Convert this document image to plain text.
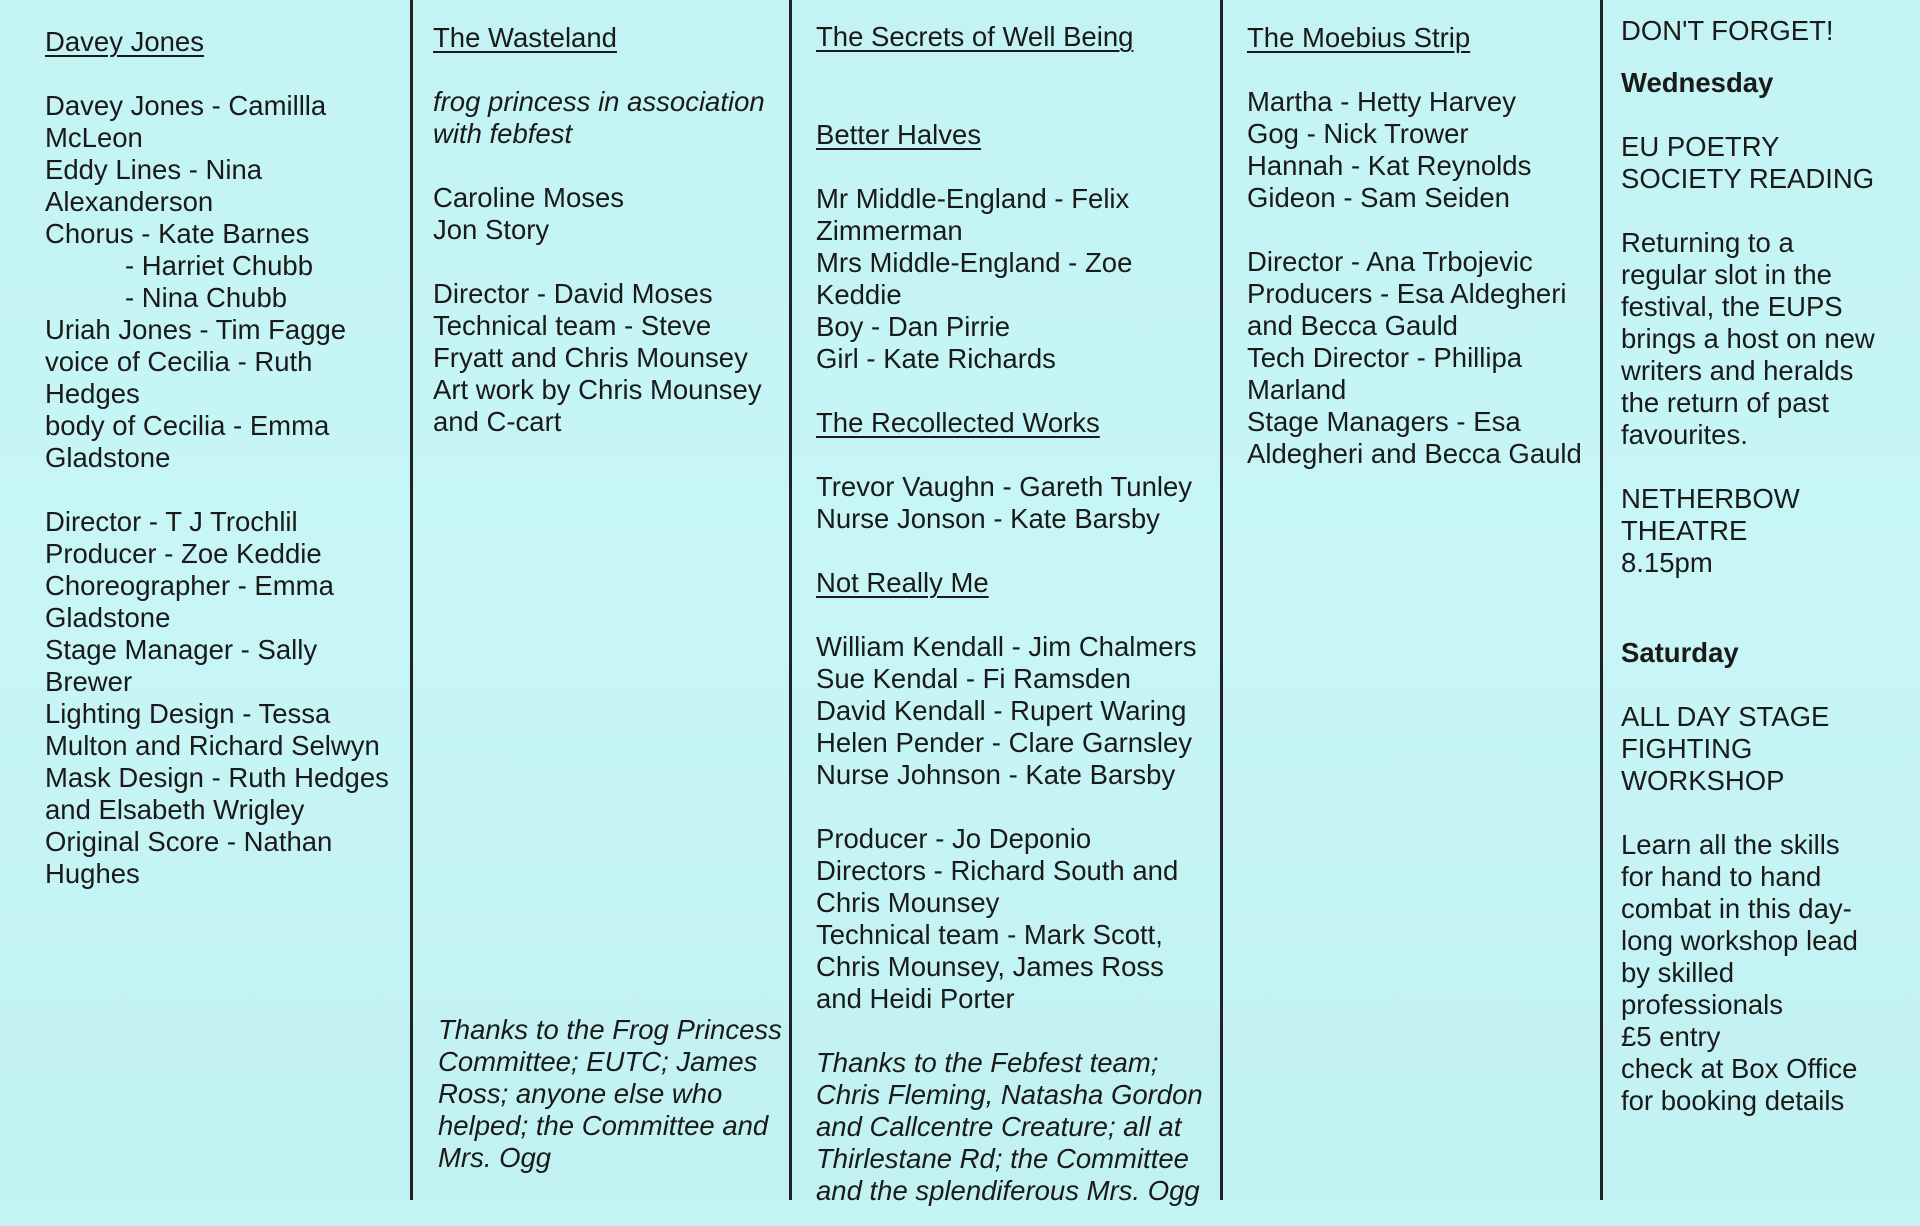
Davey Jones

Davey Jones - Camillla McLeon

Eddy Lines - Nina Alexanderson

Chorus - Kate Barnes

- Harriet Chubb

- Nina Chubb

Uriah Jones - Tim Fagge

voice of Cecilia - Ruth Hedges

body of Cecilia - Emma Gladstone

Director - T J Trochlil

Producer - Zoe Keddie

Choreographer - Emma Gladstone

Stage Manager - Sally Brewer

Lighting Design - Tessa Multon and Richard Selwyn

Mask Design - Ruth Hedges and Elsabeth Wrigley

Original Score - Nathan Hughes

The Wasteland

frog princess in association with febfest

Caroline Moses

Jon Story

Director - David Moses

Technical team - Steve Fryatt and Chris Mounsey

Art work by Chris Mounsey and C-cart

Thanks to the Frog Princess Committee; EUTC; James Ross; anyone else who helped; the Committee and Mrs. Ogg

The Secrets of Well Being

Better Halves

Mr Middle-England - Felix Zimmerman

Mrs Middle-England - Zoe Keddie

Boy - Dan Pirrie

Girl - Kate Richards

The Recollected Works

Trevor Vaughn - Gareth Tunley

Nurse Jonson - Kate Barsby

Not Really Me

William Kendall - Jim Chalmers

Sue Kendal - Fi Ramsden

David Kendall - Rupert Waring

Helen Pender - Clare Garnsley

Nurse Johnson - Kate Barsby

Producer - Jo Deponio

Directors - Richard South and Chris Mounsey

Technical team - Mark Scott, Chris Mounsey, James Ross and Heidi Porter

Thanks to the Febfest team; Chris Fleming, Natasha Gordon and Callcentre Creature; all at Thirlestane Rd; the Committee and the splendiferous Mrs. Ogg

The Moebius Strip

Martha - Hetty Harvey

Gog - Nick Trower

Hannah - Kat Reynolds

Gideon - Sam Seiden

Director - Ana Trbojevic

Producers - Esa Aldegheri and Becca Gauld

Tech Director - Phillipa Marland

Stage Managers - Esa Aldegheri and Becca Gauld

DON'T FORGET!

Wednesday

EU POETRY SOCIETY READING

Returning to a regular slot in the festival, the EUPS brings a host on new writers and heralds the return of past favourites.

NETHERBOW THEATRE

8.15pm

Saturday

ALL DAY STAGE FIGHTING WORKSHOP

Learn all the skills for hand to hand combat in this day-long workshop lead by skilled professionals

£5 entry

check at Box Office for booking details
